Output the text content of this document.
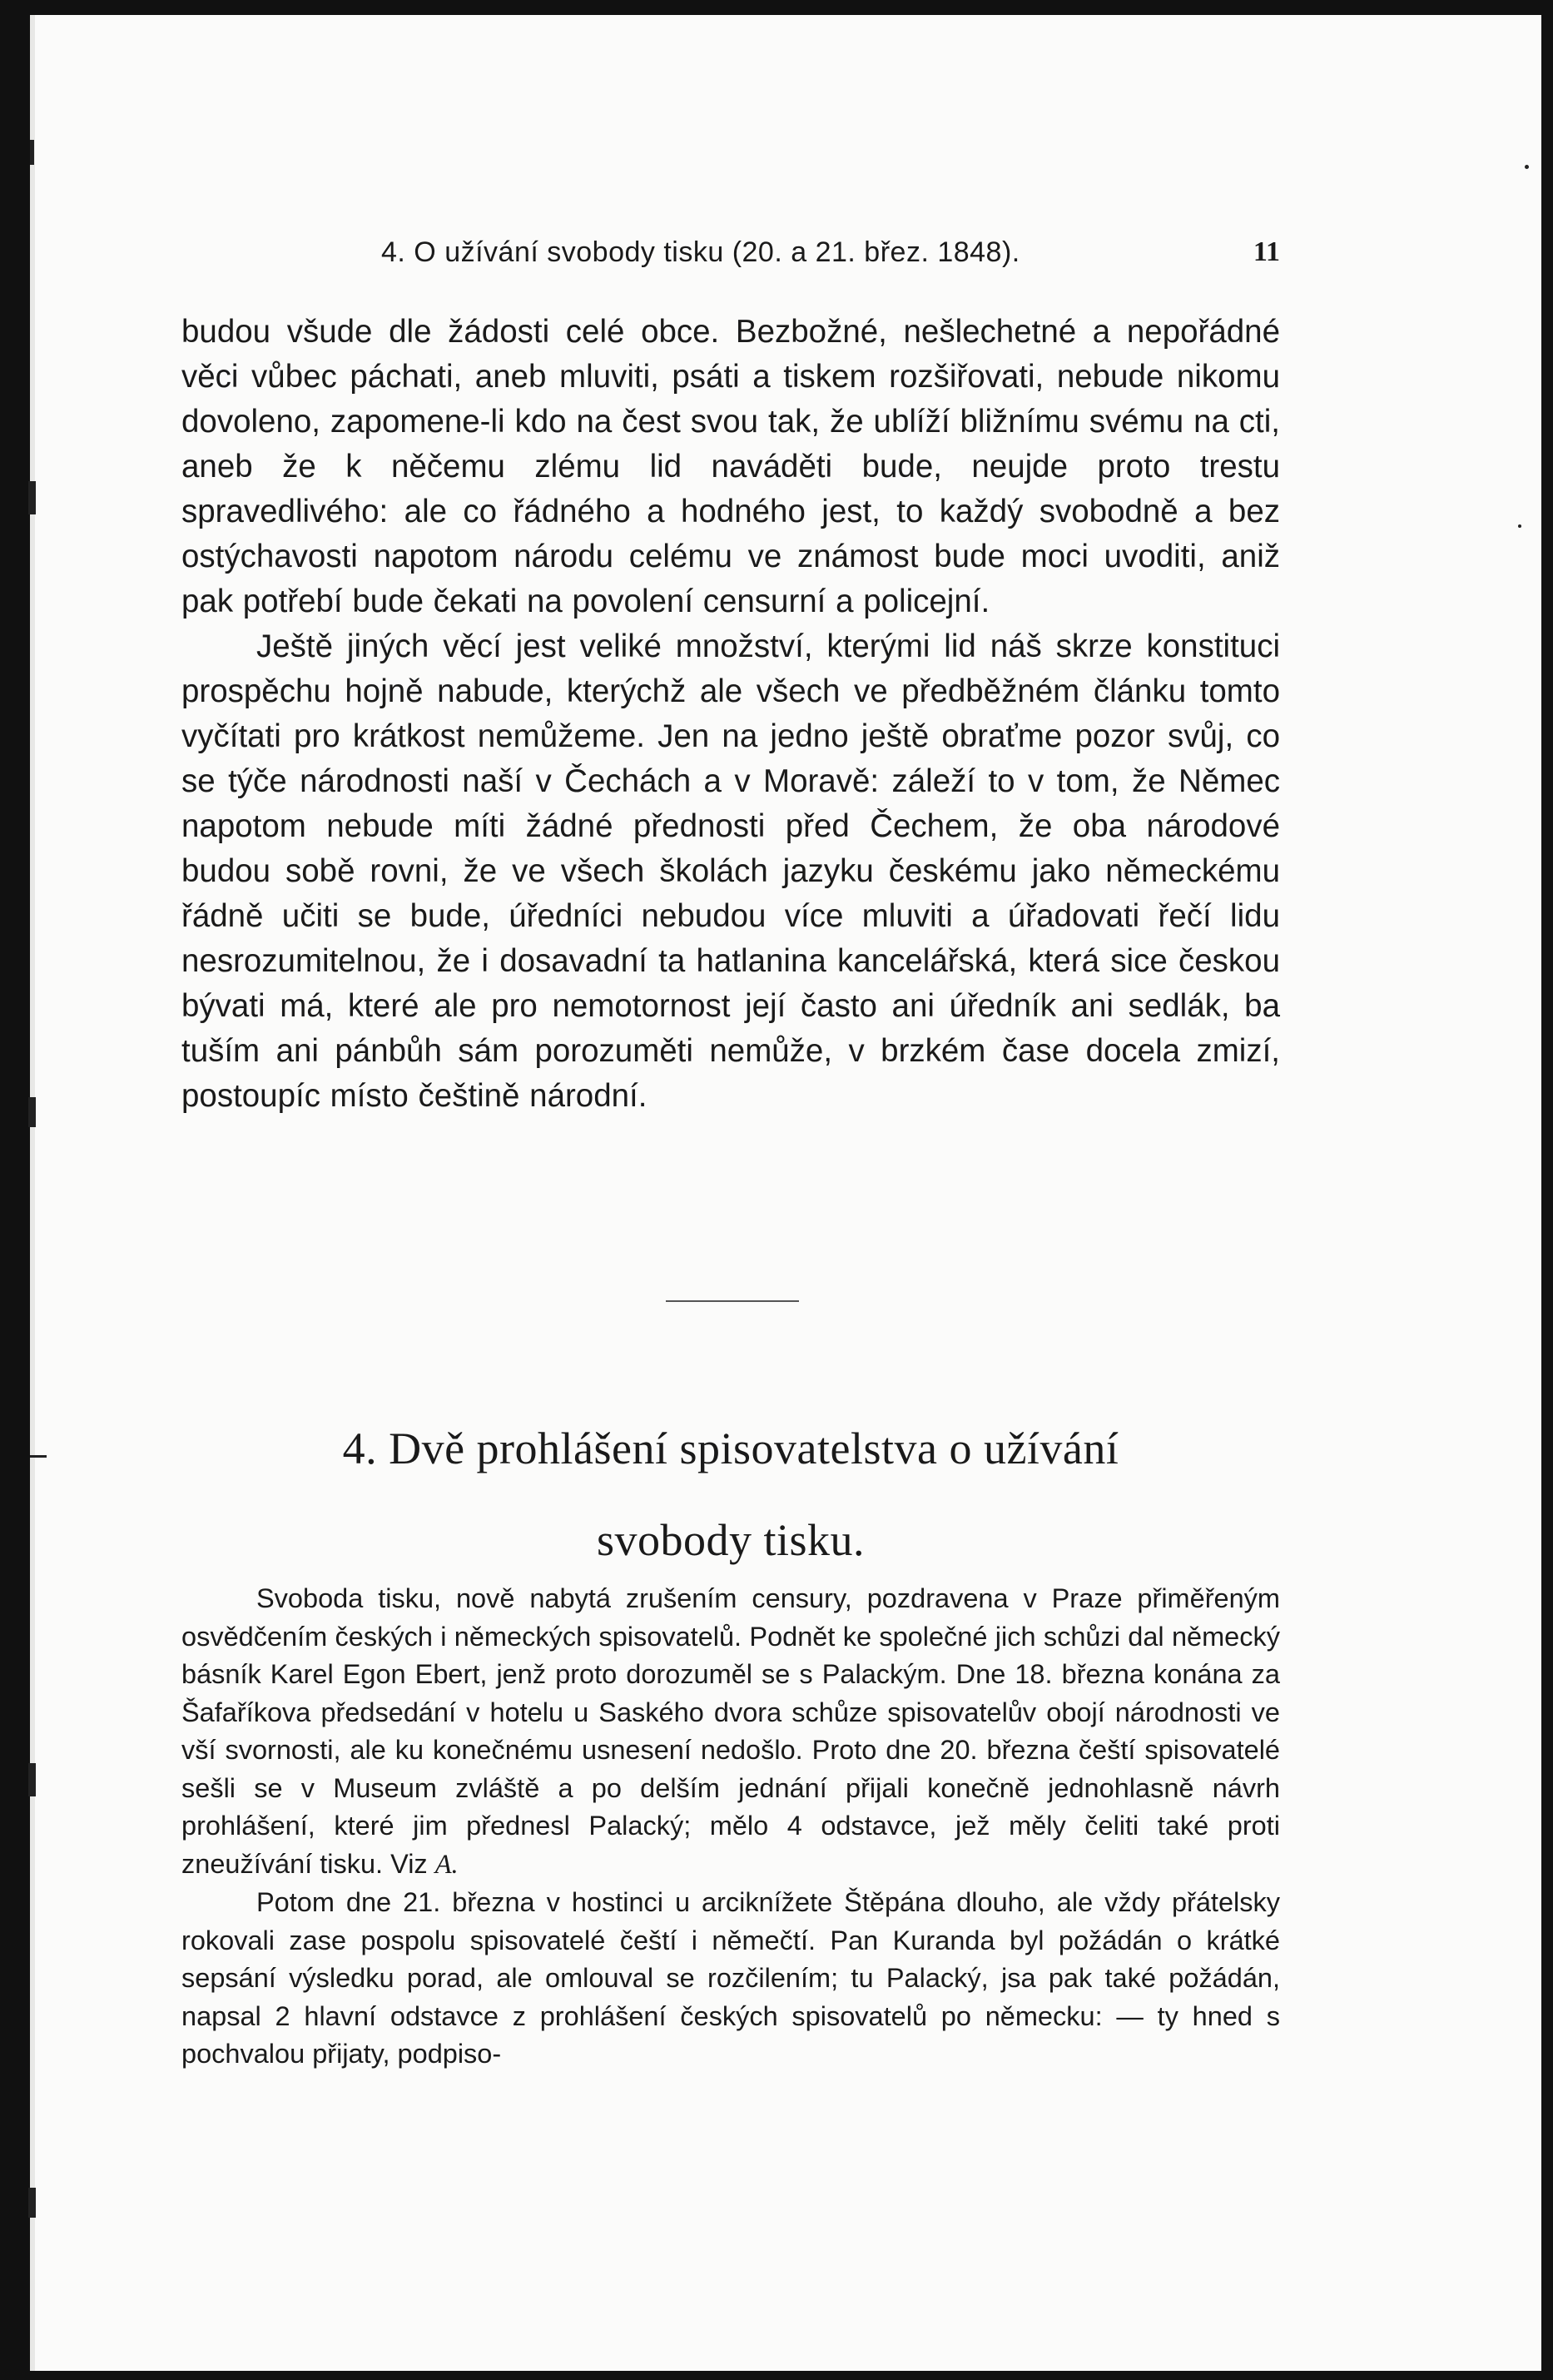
4. O užívání svobody tisku (20. a 21. břez. 1848).	11

budou všude dle žádosti celé obce. Bezbožné, nešlechetné a nepořádné věci vůbec páchati, aneb mluviti, psáti a tiskem rozšiřovati, nebude nikomu dovoleno, zapomene-li kdo na čest svou tak, že ublíží bližnímu svému na cti, aneb že k něčemu zlému lid naváděti bude, neujde proto trestu spravedlivého: ale co řádného a hodného jest, to každý svobodně a bez ostýchavosti napotom národu celému ve známost bude moci uvoditi, aniž pak potřebí bude čekati na povolení censurní a policejní.

Ještě jiných věcí jest veliké množství, kterými lid náš skrze konstituci prospěchu hojně nabude, kterýchž ale všech ve předběžném článku tomto vyčítati pro krátkost nemůžeme. Jen na jedno ještě obraťme pozor svůj, co se týče národnosti naší v Čechách a v Moravě: záleží to v tom, že Němec napotom nebude míti žádné přednosti před Čechem, že oba národové budou sobě rovni, že ve všech školách jazyku českému jako německému řádně učiti se bude, úředníci nebudou více mluviti a úřadovati řečí lidu nesrozumitelnou, že i dosavadní ta hatlanina kancelářská, která sice českou bývati má, které ale pro nemotornost její často ani úředník ani sedlák, ba tuším ani pánbůh sám porozuměti nemůže, v brzkém čase docela zmizí, postoupíc místo češtině národní.

4. Dvě prohlášení spisovatelstva o užívání
svobody tisku.

Svoboda tisku, nově nabytá zrušením censury, pozdravena v Praze přiměřeným osvědčením českých i německých spisovatelů. Podnět ke společné jich schůzi dal německý básník Karel Egon Ebert, jenž proto dorozuměl se s Palackým. Dne 18. března konána za Šafaříkova předsedání v hotelu u Saského dvora schůze spisovatelův obojí národnosti ve vší svornosti, ale ku konečnému usnesení nedošlo. Proto dne 20. března čeští spisovatelé sešli se v Museum zvláště a po delším jednání přijali konečně jednohlasně návrh prohlášení, které jim přednesl Palacký; mělo 4 odstavce, jež měly čeliti také proti zneužívání tisku. Viz A.

Potom dne 21. března v hostinci u arciknížete Štěpána dlouho, ale vždy přátelsky rokovali zase pospolu spisovatelé čeští i němečtí. Pan Kuranda byl požádán o krátké sepsání výsledku porad, ale omlouval se rozčilením; tu Palacký, jsa pak také požádán, napsal 2 hlavní odstavce z prohlášení českých spisovatelů po německu: — ty hned s pochvalou přijaty, podpiso-
